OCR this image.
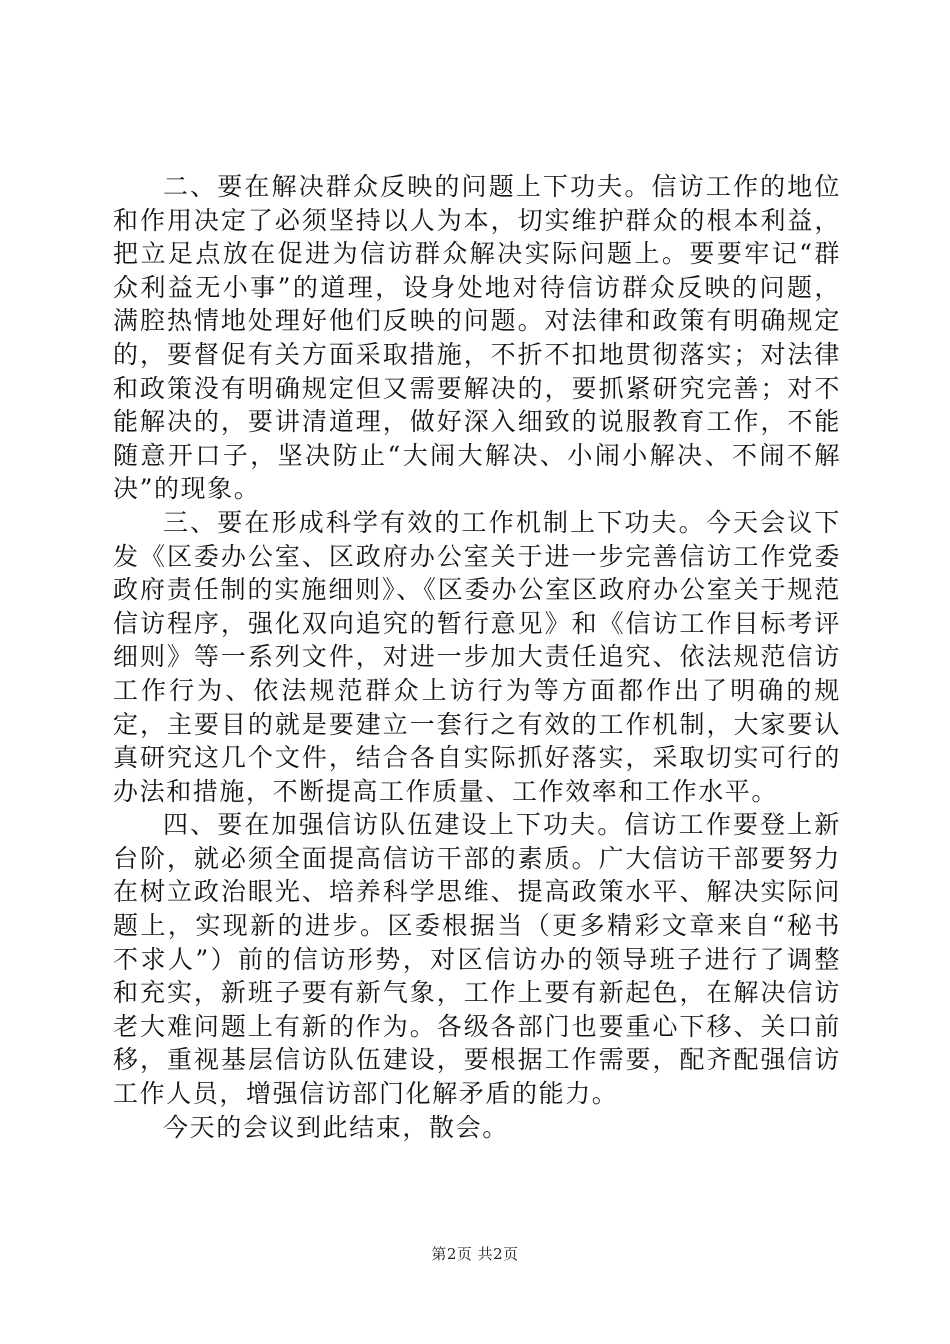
二、要在解决群众反映的问题上下功夫。信访工作的地位和作用决定了必须坚持以人为本，切实维护群众的根本利益，把立足点放在促进为信访群众解决实际问题上。要要牢记“群众利益无小事”的道理，设身处地对待信访群众反映的问题，满腔热情地处理好他们反映的问题。对法律和政策有明确规定的，要督促有关方面采取措施，不折不扣地贯彻落实；对法律和政策没有明确规定但又需要解决的，要抓紧研究完善；对不能解决的，要讲清道理，做好深入细致的说服教育工作，不能随意开口子，坚决防止“大闹大解决、小闹小解决、不闹不解决”的现象。

三、要在形成科学有效的工作机制上下功夫。今天会议下发《区委办公室、区政府办公室关于进一步完善信访工作党委政府责任制的实施细则》、《区委办公室区政府办公室关于规范信访程序，强化双向追究的暂行意见》和《信访工作目标考评细则》等一系列文件，对进一步加大责任追究、依法规范信访工作行为、依法规范群众上访行为等方面都作出了明确的规定，主要目的就是要建立一套行之有效的工作机制，大家要认真研究这几个文件，结合各自实际抓好落实，采取切实可行的办法和措施，不断提高工作质量、工作效率和工作水平。

四、要在加强信访队伍建设上下功夫。信访工作要登上新台阶，就必须全面提高信访干部的素质。广大信访干部要努力在树立政治眼光、培养科学思维、提高政策水平、解决实际问题上，实现新的进步。区委根据当（更多精彩文章来自“秘书不求人”）前的信访形势，对区信访办的领导班子进行了调整和充实，新班子要有新气象，工作上要有新起色，在解决信访老大难问题上有新的作为。各级各部门也要重心下移、关口前移，重视基层信访队伍建设，要根据工作需要，配齐配强信访工作人员，增强信访部门化解矛盾的能力。

今天的会议到此结束，散会。

第2页 共2页
